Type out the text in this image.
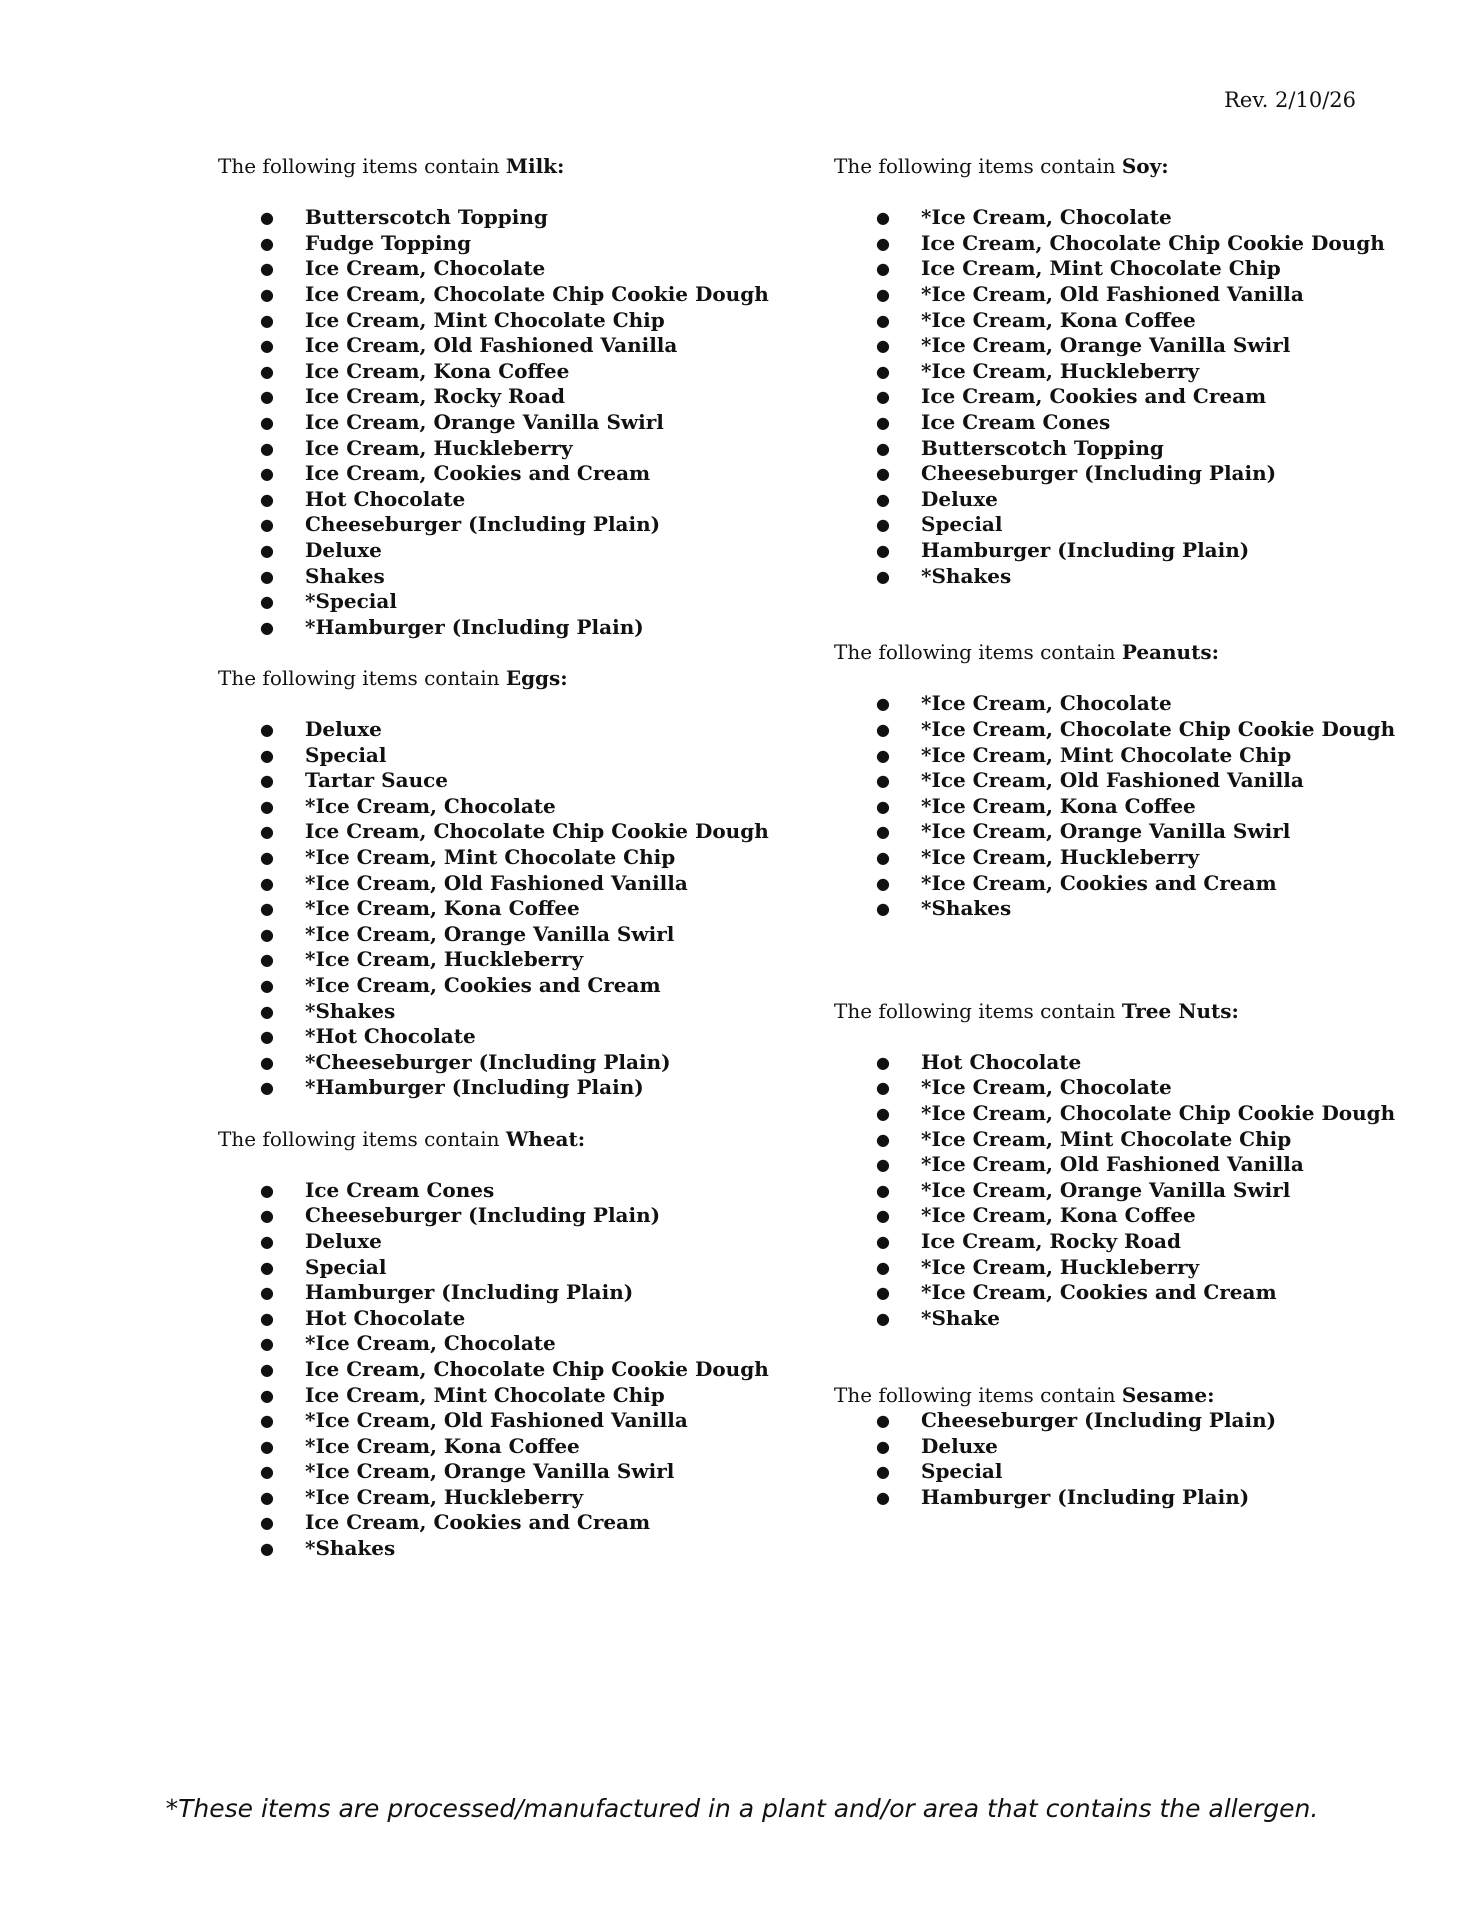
Rev. 2/10/26

The following items contain Milk:

● Butterscotch Topping
● Fudge Topping
● Ice Cream, Chocolate
● Ice Cream, Chocolate Chip Cookie Dough
● Ice Cream, Mint Chocolate Chip
● Ice Cream, Old Fashioned Vanilla
● Ice Cream, Kona Coffee
● Ice Cream, Rocky Road
● Ice Cream, Orange Vanilla Swirl
● Ice Cream, Huckleberry
● Ice Cream, Cookies and Cream
● Hot Chocolate
● Cheeseburger (Including Plain)
● Deluxe
● Shakes
● *Special
● *Hamburger (Including Plain)

The following items contain Eggs:

● Deluxe
● Special
● Tartar Sauce
● *Ice Cream, Chocolate
● Ice Cream, Chocolate Chip Cookie Dough
● *Ice Cream, Mint Chocolate Chip
● *Ice Cream, Old Fashioned Vanilla
● *Ice Cream, Kona Coffee
● *Ice Cream, Orange Vanilla Swirl
● *Ice Cream, Huckleberry
● *Ice Cream, Cookies and Cream
● *Shakes
● *Hot Chocolate
● *Cheeseburger (Including Plain)
● *Hamburger (Including Plain)

The following items contain Wheat:

● Ice Cream Cones
● Cheeseburger (Including Plain)
● Deluxe
● Special
● Hamburger (Including Plain)
● Hot Chocolate
● *Ice Cream, Chocolate
● Ice Cream, Chocolate Chip Cookie Dough
● Ice Cream, Mint Chocolate Chip
● *Ice Cream, Old Fashioned Vanilla
● *Ice Cream, Kona Coffee
● *Ice Cream, Orange Vanilla Swirl
● *Ice Cream, Huckleberry
● Ice Cream, Cookies and Cream
● *Shakes

The following items contain Soy:

● *Ice Cream, Chocolate
● Ice Cream, Chocolate Chip Cookie Dough
● Ice Cream, Mint Chocolate Chip
● *Ice Cream, Old Fashioned Vanilla
● *Ice Cream, Kona Coffee
● *Ice Cream, Orange Vanilla Swirl
● *Ice Cream, Huckleberry
● Ice Cream, Cookies and Cream
● Ice Cream Cones
● Butterscotch Topping
● Cheeseburger (Including Plain)
● Deluxe
● Special
● Hamburger (Including Plain)
● *Shakes

The following items contain Peanuts:

● *Ice Cream, Chocolate
● *Ice Cream, Chocolate Chip Cookie Dough
● *Ice Cream, Mint Chocolate Chip
● *Ice Cream, Old Fashioned Vanilla
● *Ice Cream, Kona Coffee
● *Ice Cream, Orange Vanilla Swirl
● *Ice Cream, Huckleberry
● *Ice Cream, Cookies and Cream
● *Shakes

The following items contain Tree Nuts:

● Hot Chocolate
● *Ice Cream, Chocolate
● *Ice Cream, Chocolate Chip Cookie Dough
● *Ice Cream, Mint Chocolate Chip
● *Ice Cream, Old Fashioned Vanilla
● *Ice Cream, Orange Vanilla Swirl
● *Ice Cream, Kona Coffee
● Ice Cream, Rocky Road
● *Ice Cream, Huckleberry
● *Ice Cream, Cookies and Cream
● *Shake

The following items contain Sesame:

● Cheeseburger (Including Plain)
● Deluxe
● Special
● Hamburger (Including Plain)
*These items are processed/manufactured in a plant and/or area that contains the allergen.
